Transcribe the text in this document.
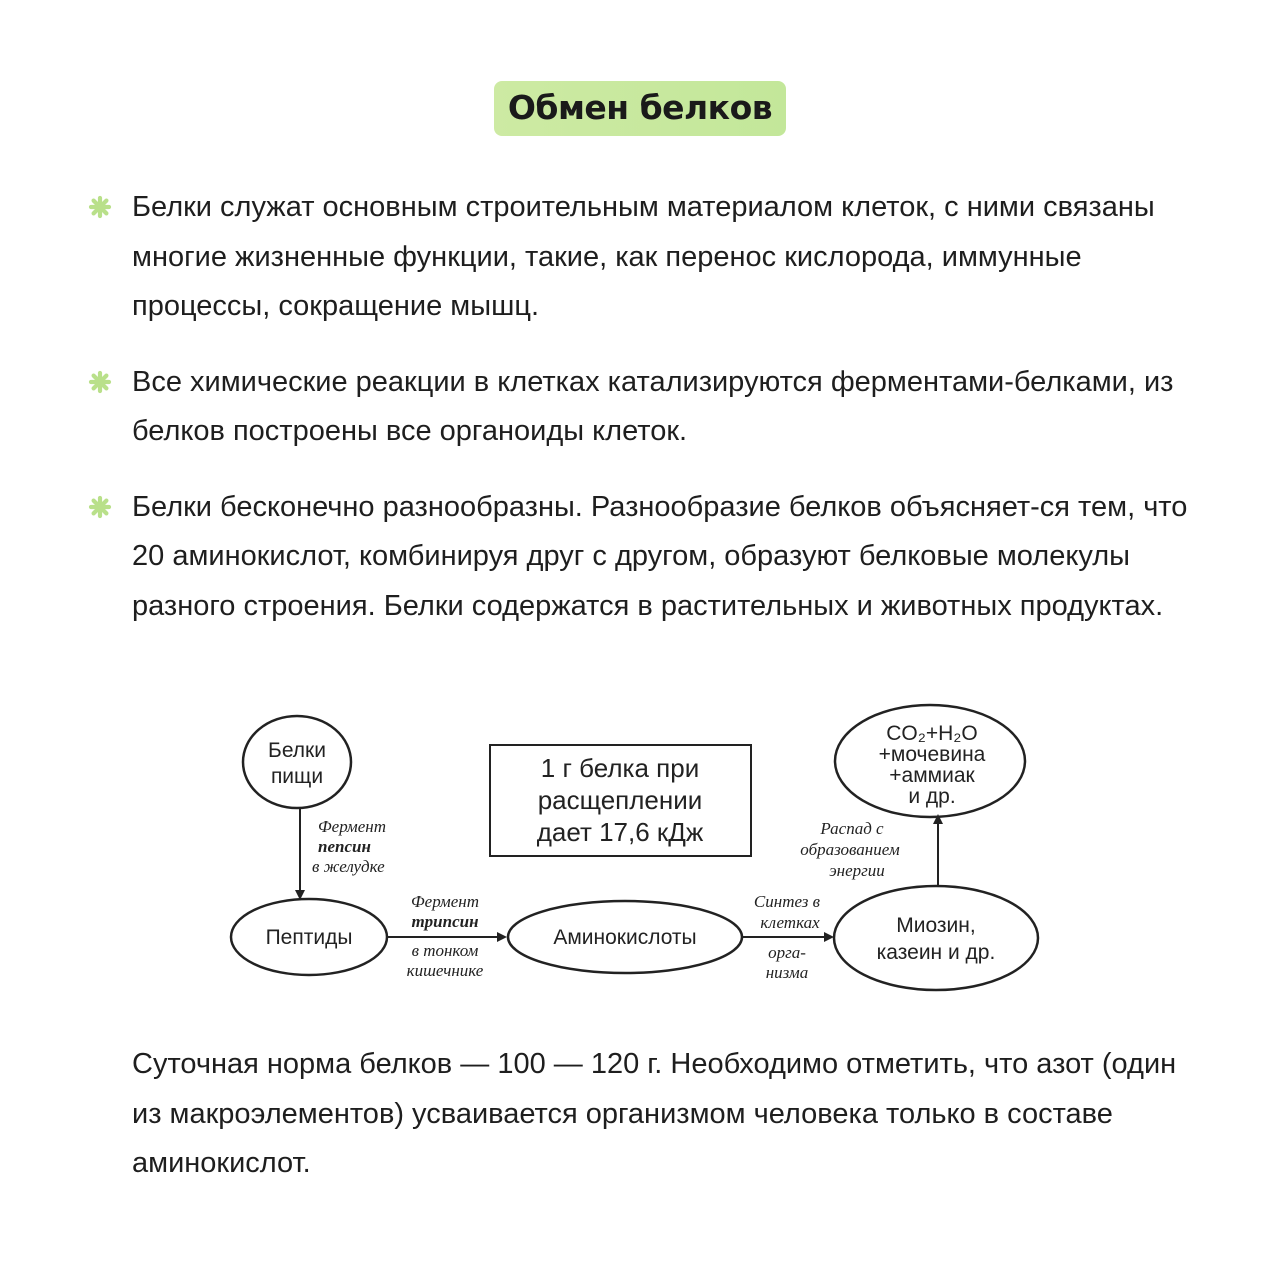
Обмен белков
Белки служат основным строительным материалом клеток, с ними связаны многие жизненные функции, такие, как перенос кислорода, иммунные процессы, сокращение мышц.
Все химические реакции в клетках катализируются ферментами-белками, из белков построены все органоиды клеток.
Белки бесконечно разнообразны. Разнообразие белков объясняет-ся тем, что 20 аминокислот, комбинируя друг с другом, образуют белковые молекулы разного строения. Белки содержатся в растительных и животных продуктах.
Белки
пищи
Фермент
пепсин
в желудке
1 г белка при
расщеплении
дает 17,6 кДж
Пептиды
Фермент
трипсин
в тонком
кишечнике
Аминокислоты
Синтез в
клетках
орга-
низма
Миозин,
казеин и др.
Распад с
образованием
энергии
CO₂+H₂O
+мочевина
+аммиак
и др.

Суточная норма белков — 100 — 120 г. Необходимо отметить, что азот (один из макроэлементов) усваивается организмом человека только в составе аминокислот.
